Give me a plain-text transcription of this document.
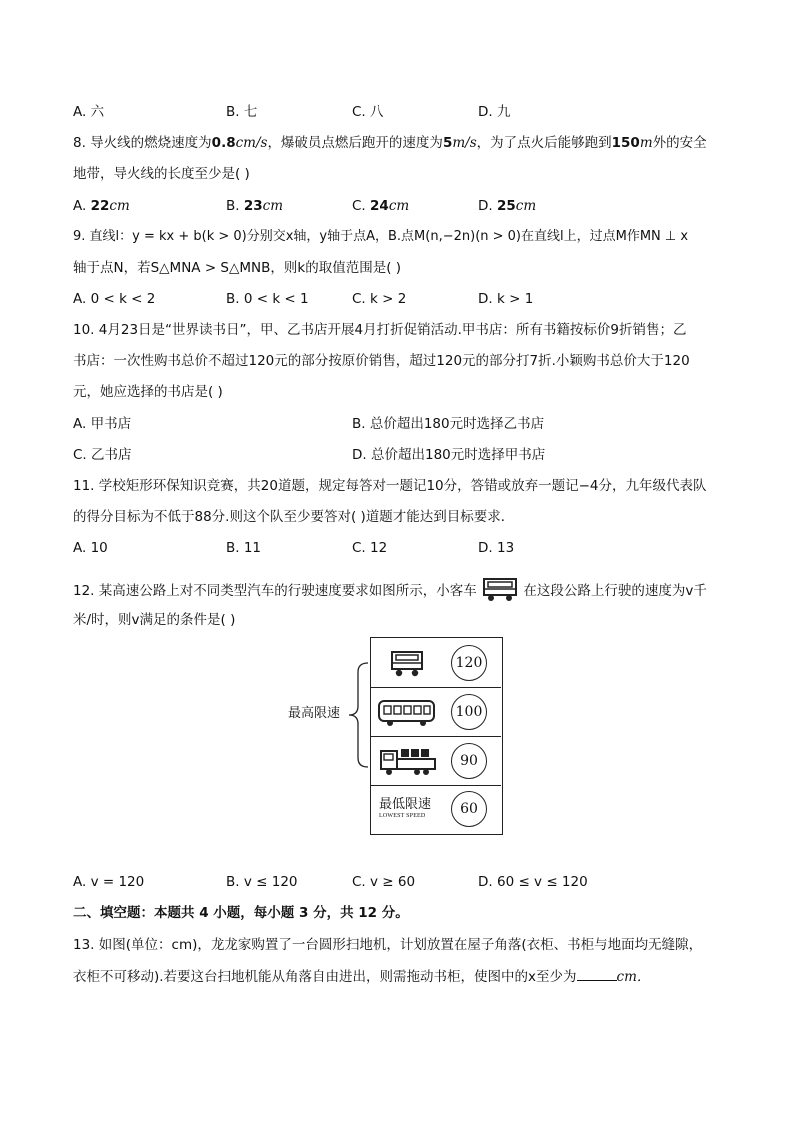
A. 六	B. 七	C. 八	D. 九
8. 导火线的燃烧速度为0.8cm/s，爆破员点燃后跑开的速度为5m/s，为了点火后能够跑到150m外的安全
地带，导火线的长度至少是( )
A. 22cm	B. 23cm	C. 24cm	D. 25cm
9. 直线l：y = kx + b(k > 0)分别交x轴，y轴于点A，B.点M(n,−2n)(n > 0)在直线l上，过点M作MN ⊥ x
轴于点N，若S△MNA > S△MNB，则k的取值范围是( )
A. 0 < k < 2	B. 0 < k < 1	C. k > 2	D. k > 1
10. 4月23日是“世界读书日”，甲、乙书店开展4月打折促销活动.甲书店：所有书籍按标价9折销售；乙
书店：一次性购书总价不超过120元的部分按原价销售，超过120元的部分打7折.小颖购书总价大于120
元，她应选择的书店是( )
A. 甲书店	B. 总价超出180元时选择乙书店
C. 乙书店	D. 总价超出180元时选择甲书店
11. 学校矩形环保知识竞赛，共20道题，规定每答对一题记10分，答错或放弃一题记−4分，九年级代表队
的得分目标为不低于88分.则这个队至少要答对( )道题才能达到目标要求．
A. 10	B. 11	C. 12	D. 13
12. 某高速公路上对不同类型汽车的行驶速度要求如图所示，小客车	在这段公路上行驶的速度为v千
米/时，则v满足的条件是( )
最高限速
120
100
90
最低限速
LOWEST SPEED	60
A. v = 120	B. v ≤ 120	C. v ≥ 60	D. 60 ≤ v ≤ 120
二、填空题：本题共 4 小题，每小题 3 分，共 12 分。
13. 如图(单位：cm)，龙龙家购置了一台圆形扫地机，计划放置在屋子角落(衣柜、书柜与地面均无缝隙，
衣柜不可移动).若要这台扫地机能从角落自由进出，则需拖动书柜，使图中的x至少为	cm．
